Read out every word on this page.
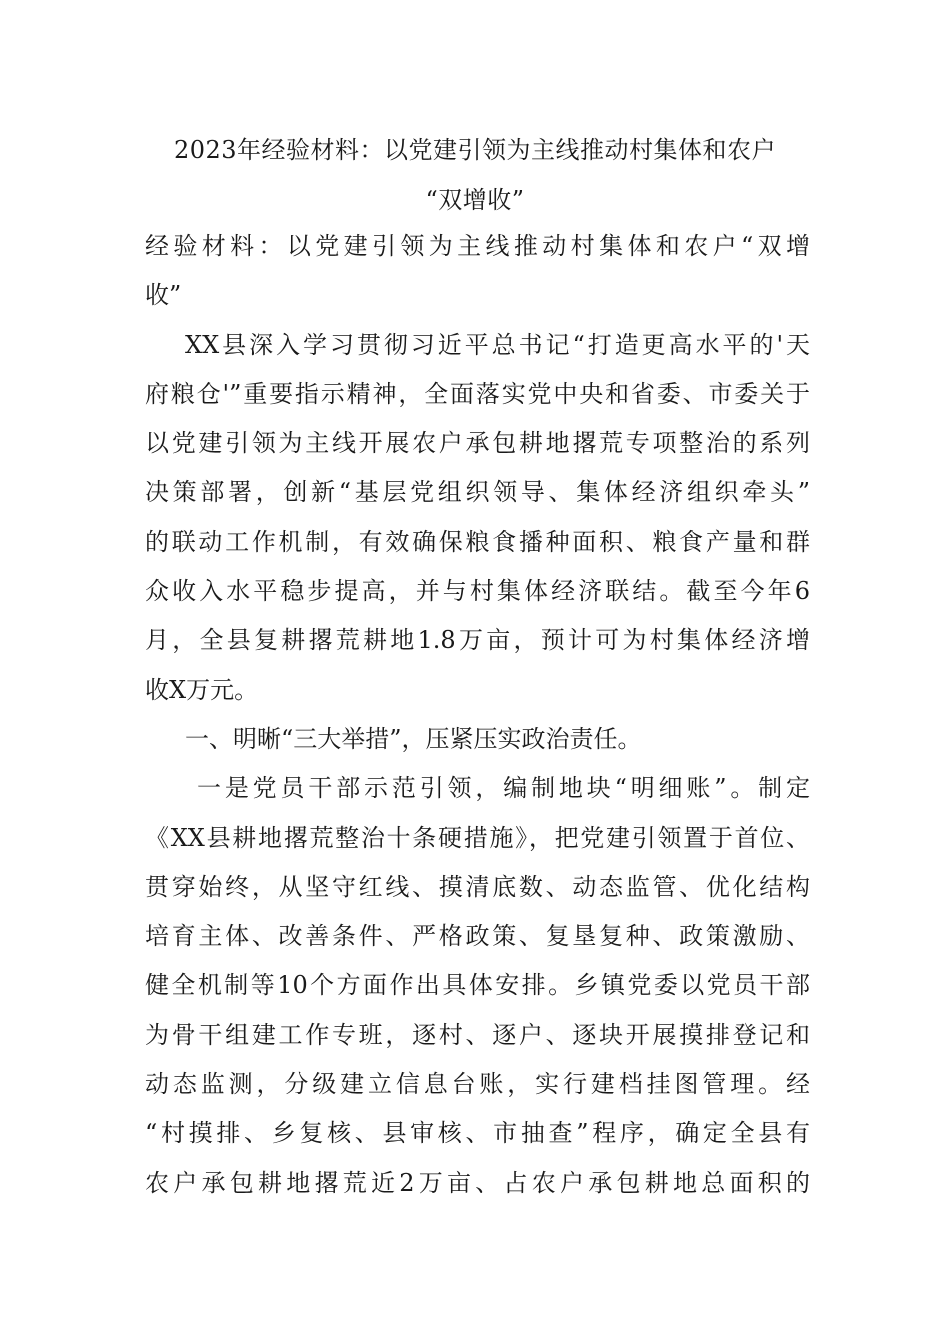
2023年经验材料：以党建引领为主线推动村集体和农户
“双增收”
经验材料：以党建引领为主线推动村集体和农户“双增
收”
XX县深入学习贯彻习近平总书记“打造更高水平的'天
府粮仓'”重要指示精神，全面落实党中央和省委、市委关于
以党建引领为主线开展农户承包耕地撂荒专项整治的系列
决策部署，创新“基层党组织领导、集体经济组织牵头”
的联动工作机制，有效确保粮食播种面积、粮食产量和群
众收入水平稳步提高，并与村集体经济联结。截至今年6
月，全县复耕撂荒耕地1.8万亩，预计可为村集体经济增
收X万元。
一、明晰“三大举措”，压紧压实政治责任。
一是党员干部示范引领，编制地块“明细账”。制定
《XX县耕地撂荒整治十条硬措施》，把党建引领置于首位、
贯穿始终，从坚守红线、摸清底数、动态监管、优化结构
培育主体、改善条件、严格政策、复垦复种、政策激励、
健全机制等10个方面作出具体安排。乡镇党委以党员干部
为骨干组建工作专班，逐村、逐户、逐块开展摸排登记和
动态监测，分级建立信息台账，实行建档挂图管理。经
“村摸排、乡复核、县审核、市抽查”程序，确定全县有
农户承包耕地撂荒近2万亩、占农户承包耕地总面积的
